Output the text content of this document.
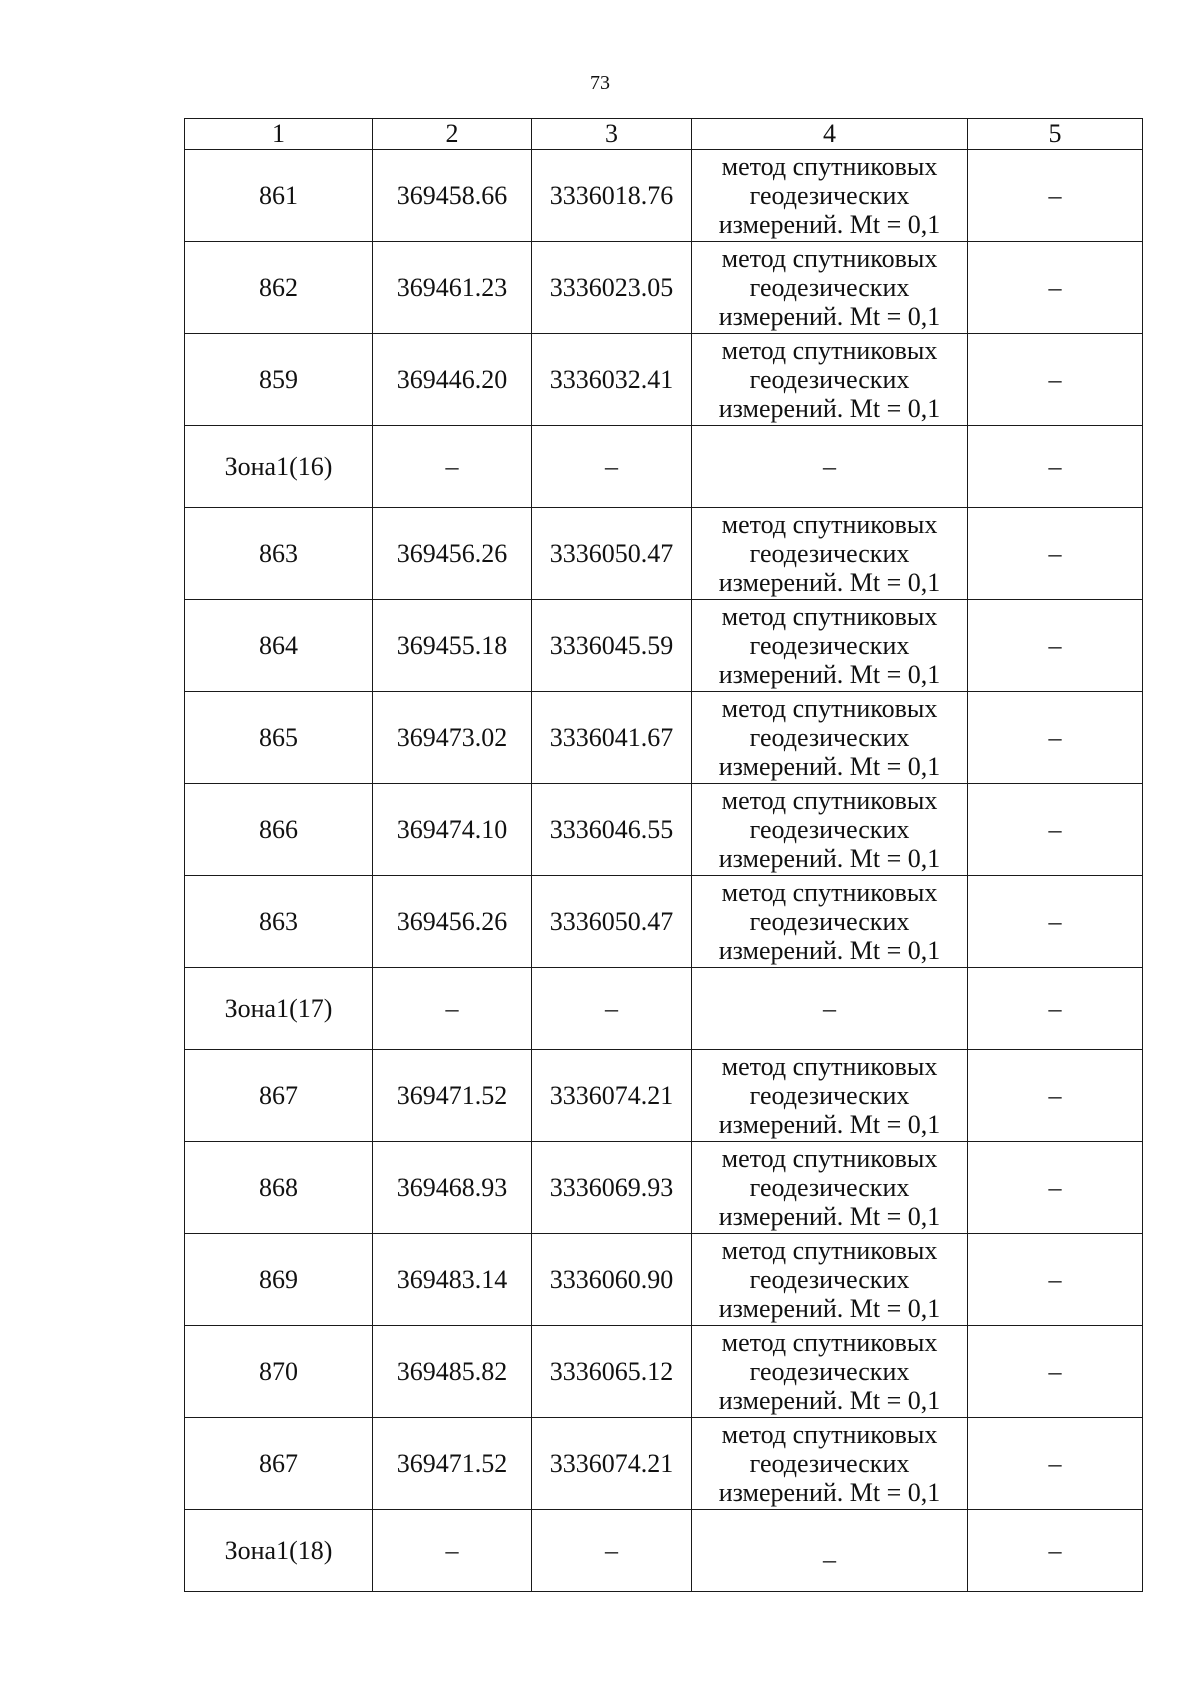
73
1	2	3	4	5
861	369458.66	3336018.76	метод спутниковых геодезических измерений. Mt = 0,1	–
862	369461.23	3336023.05	метод спутниковых геодезических измерений. Mt = 0,1	–
859	369446.20	3336032.41	метод спутниковых геодезических измерений. Mt = 0,1	–
Зона1(16)	–	–	–	–
863	369456.26	3336050.47	метод спутниковых геодезических измерений. Mt = 0,1	–
864	369455.18	3336045.59	метод спутниковых геодезических измерений. Mt = 0,1	–
865	369473.02	3336041.67	метод спутниковых геодезических измерений. Mt = 0,1	–
866	369474.10	3336046.55	метод спутниковых геодезических измерений. Mt = 0,1	–
863	369456.26	3336050.47	метод спутниковых геодезических измерений. Mt = 0,1	–
Зона1(17)	–	–	–	–
867	369471.52	3336074.21	метод спутниковых геодезических измерений. Mt = 0,1	–
868	369468.93	3336069.93	метод спутниковых геодезических измерений. Mt = 0,1	–
869	369483.14	3336060.90	метод спутниковых геодезических измерений. Mt = 0,1	–
870	369485.82	3336065.12	метод спутниковых геодезических измерений. Mt = 0,1	–
867	369471.52	3336074.21	метод спутниковых геодезических измерений. Mt = 0,1	–
Зона1(18)	–	–	_	–
